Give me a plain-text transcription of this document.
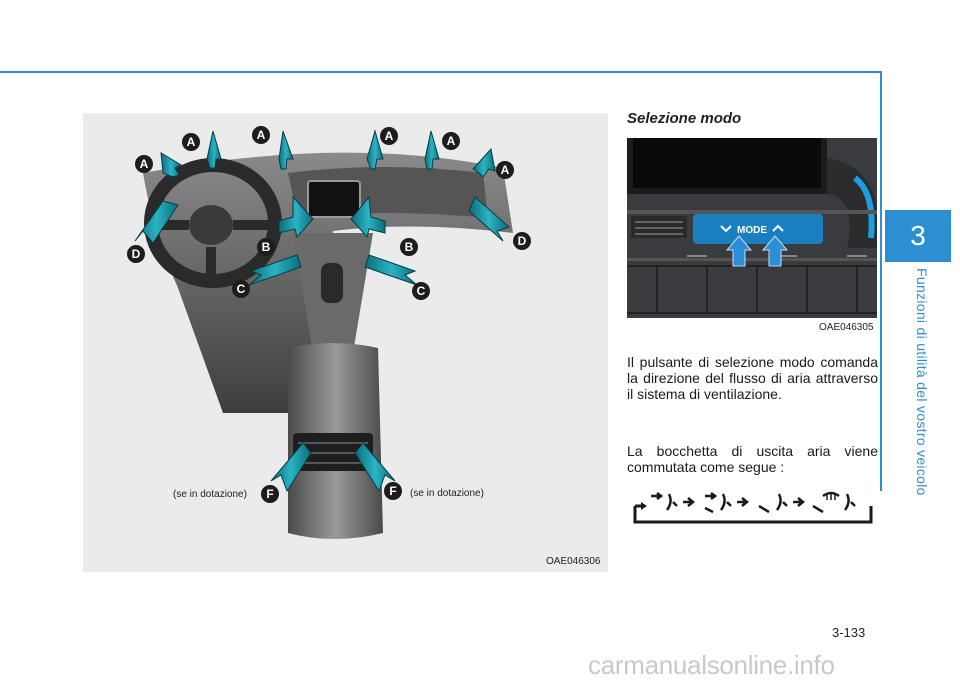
3
Funzioni di utilità del vostro veicolo
A	A	A	A
A	A
B	B
C	C
D
D
F	F
(se in dotazione)	(se in dotazione)
OAE046306
Selezione modo
MODE
OAE046305
Il pulsante di selezione modo comanda la direzione del flusso di aria attraverso il sistema di ventilazione.
La bocchetta di uscita aria viene commutata come segue :
3-133
carmanualsonline.info
